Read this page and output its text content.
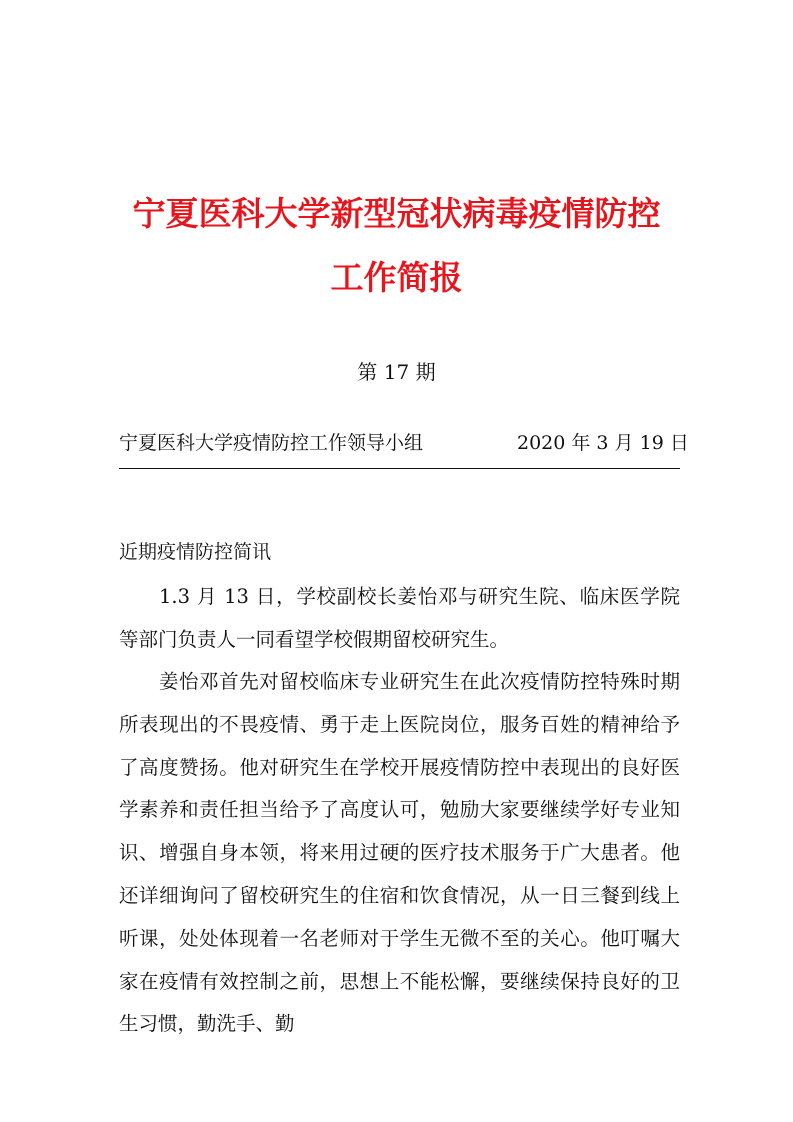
宁夏医科大学新型冠状病毒疫情防控
工作简报
第 17 期
宁夏医科大学疫情防控工作领导小组	2020 年 3 月 19 日
近期疫情防控简讯

1.3 月 13 日，学校副校长姜怡邓与研究生院、临床医学院等部门负责人一同看望学校假期留校研究生。

姜怡邓首先对留校临床专业研究生在此次疫情防控特殊时期所表现出的不畏疫情、勇于走上医院岗位，服务百姓的精神给予了高度赞扬。他对研究生在学校开展疫情防控中表现出的良好医学素养和责任担当给予了高度认可，勉励大家要继续学好专业知识、增强自身本领，将来用过硬的医疗技术服务于广大患者。他还详细询问了留校研究生的住宿和饮食情况，从一日三餐到线上听课，处处体现着一名老师对于学生无微不至的关心。他叮嘱大家在疫情有效控制之前，思想上不能松懈，要继续保持良好的卫生习惯，勤洗手、勤
